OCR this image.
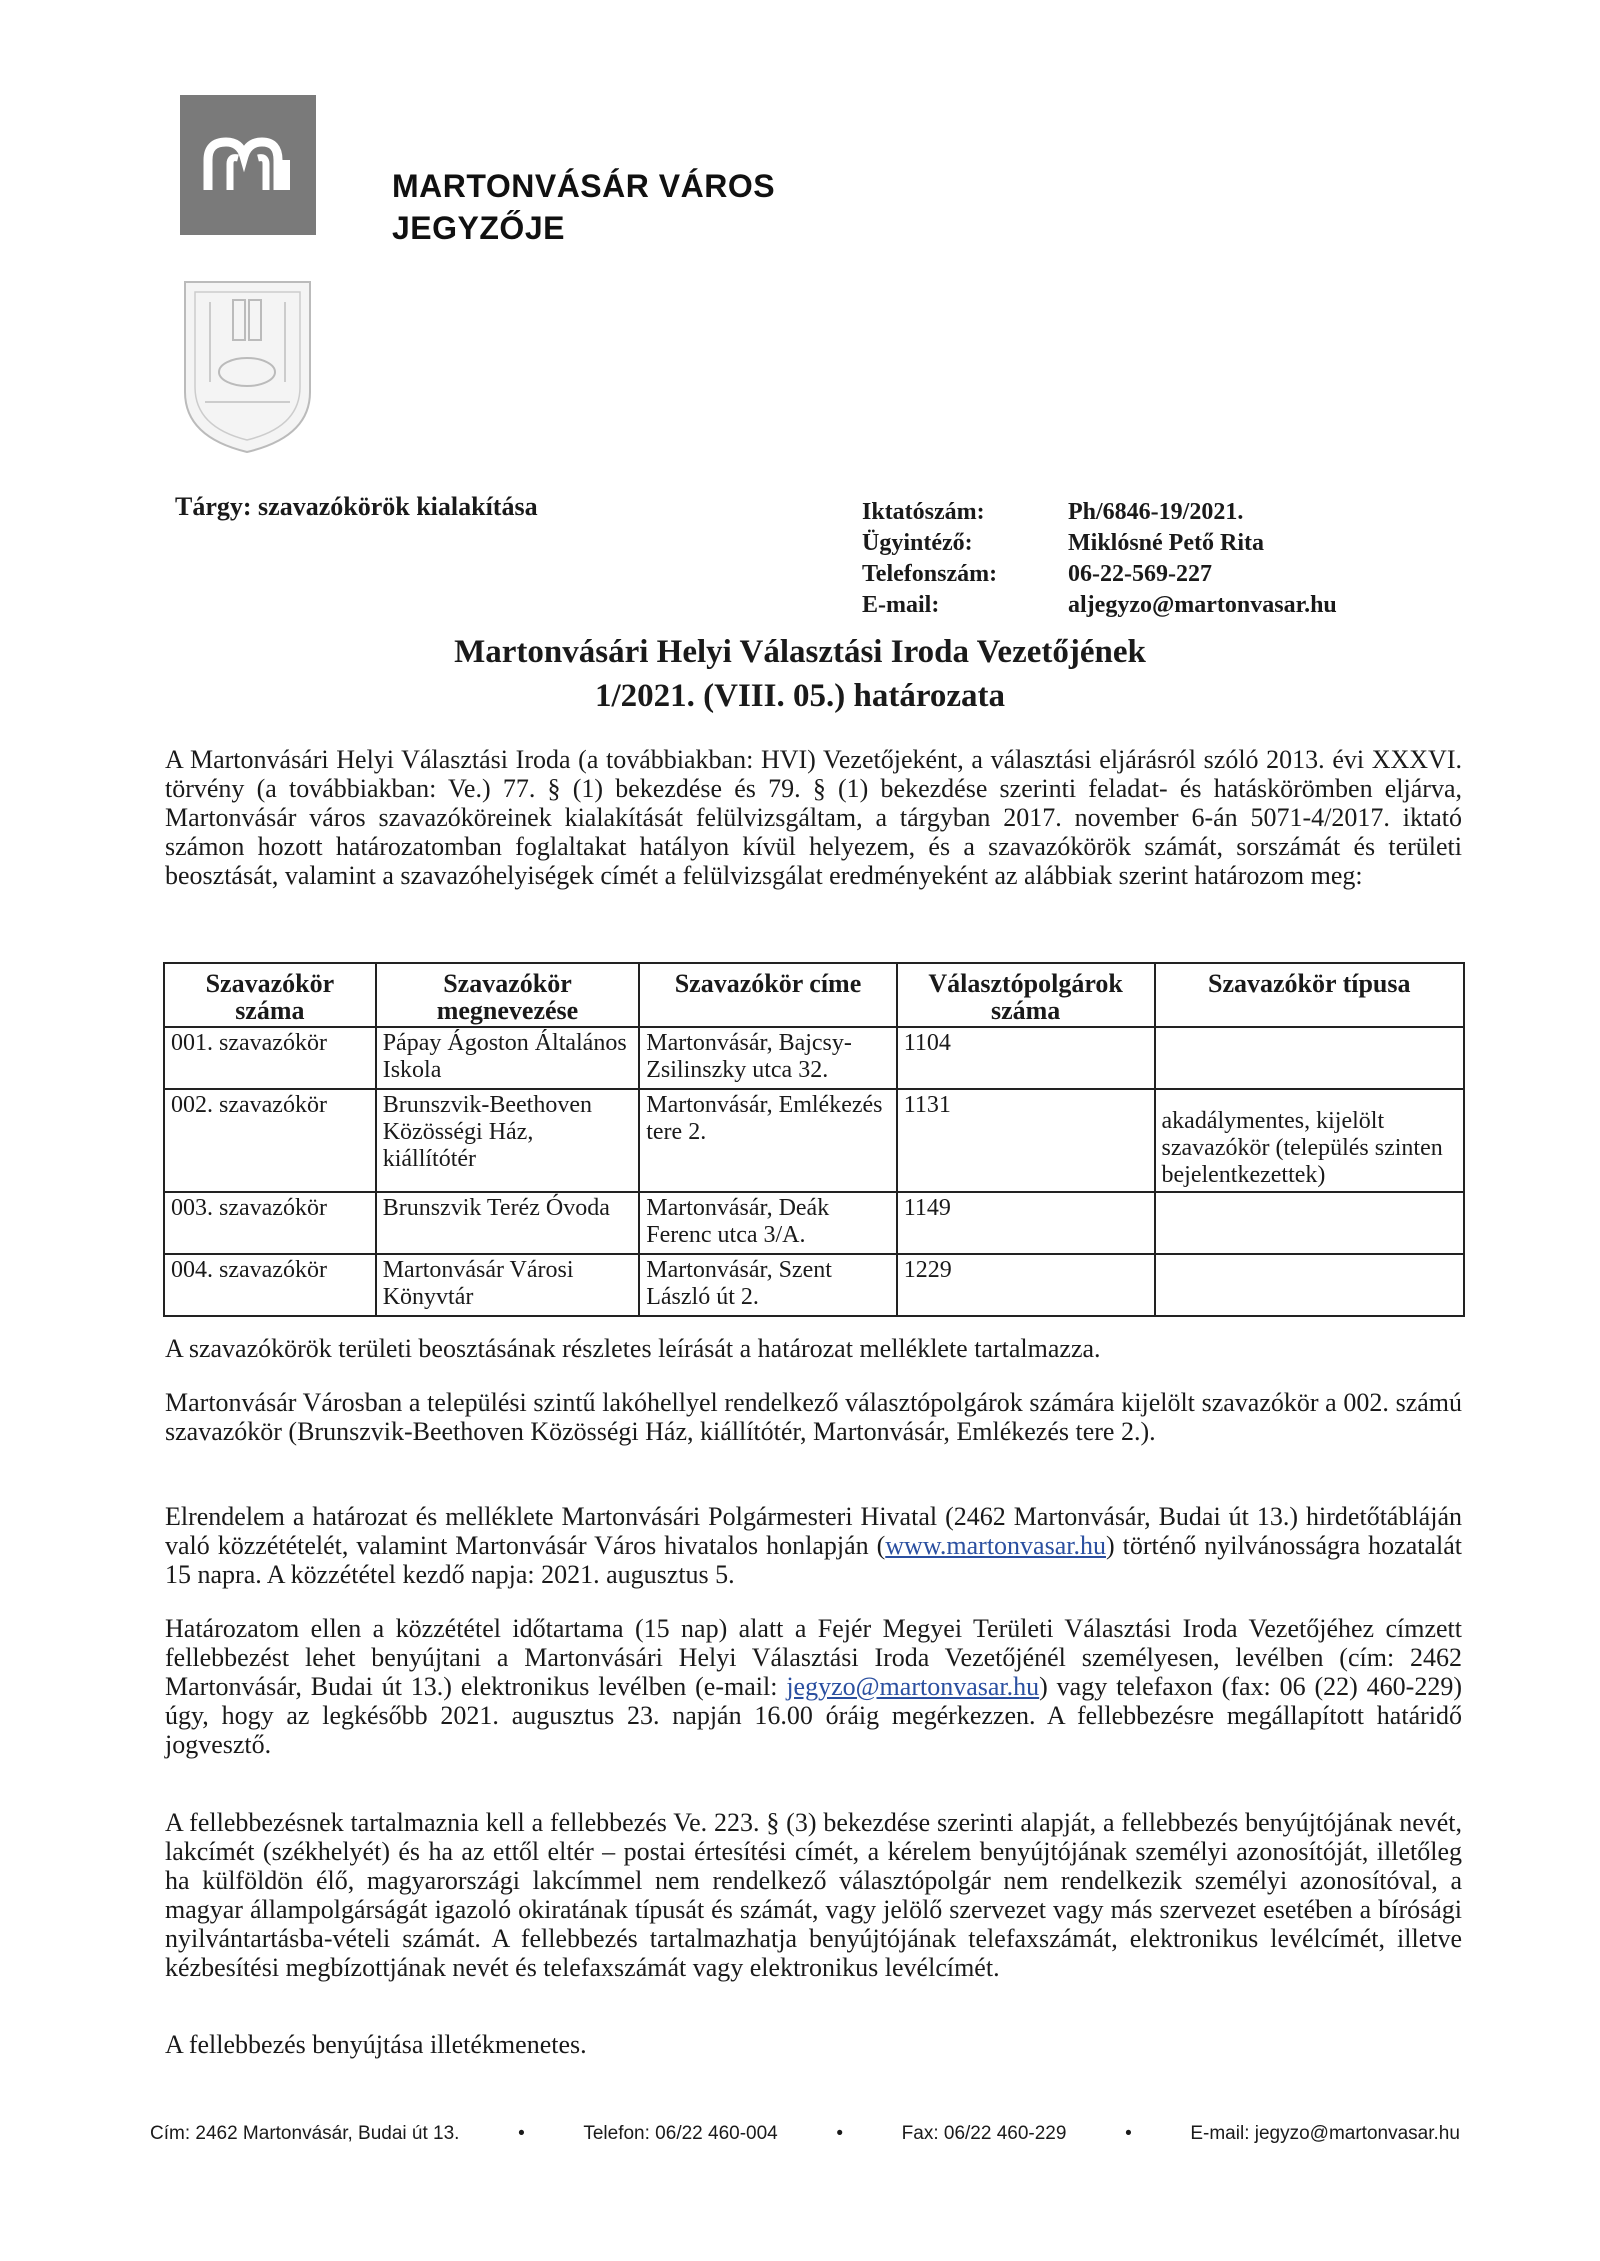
MARTONVÁSÁR VÁROS
JEGYZŐJE
Tárgy: szavazókörök kialakítása	Iktatószám:	Ph/6846-19/2021.
Ügyintéző:	Miklósné Pető Rita
Telefonszám:	06-22-569-227
E-mail:	aljegyzo@martonvasar.hu
Martonvásári Helyi Választási Iroda Vezetőjének
1/2021. (VIII. 05.) határozata
A Martonvásári Helyi Választási Iroda (a továbbiakban: HVI) Vezetőjeként, a választási eljárásról szóló 2013. évi XXXVI. törvény (a továbbiakban: Ve.) 77. § (1) bekezdése és 79. § (1) bekezdése szerinti feladat- és hatáskörömben eljárva, Martonvásár város szavazóköreinek kialakítását felülvizsgáltam, a tárgyban 2017. november 6-án 5071-4/2017. iktató számon hozott határozatomban foglaltakat hatályon kívül helyezem, és a szavazókörök számát, sorszámát és területi beosztását, valamint a szavazóhelyiségek címét a felülvizsgálat eredményeként az alábbiak szerint határozom meg:
Szavazókör száma	Szavazókör megnevezése	Szavazókör címe	Választópolgárok száma	Szavazókör típusa
001. szavazókör	Pápay Ágoston Általános Iskola	Martonvásár, Bajcsy-Zsilinszky utca 32.	1104	
002. szavazókör	Brunszvik-Beethoven Közösségi Ház, kiállítótér	Martonvásár, Emlékezés tere 2.	1131	akadálymentes, kijelölt szavazókör (település szinten bejelentkezettek)
003. szavazókör	Brunszvik Teréz Óvoda	Martonvásár, Deák Ferenc utca 3/A.	1149	
004. szavazókör	Martonvásár Városi Könyvtár	Martonvásár, Szent László út 2.	1229	
A szavazókörök területi beosztásának részletes leírását a határozat melléklete tartalmazza.
Martonvásár Városban a települési szintű lakóhellyel rendelkező választópolgárok számára kijelölt szavazókör a 002. számú szavazókör (Brunszvik-Beethoven Közösségi Ház, kiállítótér, Martonvásár, Emlékezés tere 2.).
Elrendelem a határozat és melléklete Martonvásári Polgármesteri Hivatal (2462 Martonvásár, Budai út 13.) hirdetőtábláján való közzétételét, valamint Martonvásár Város hivatalos honlapján (www.martonvasar.hu) történő nyilvánosságra hozatalát 15 napra. A közzététel kezdő napja: 2021. augusztus 5.
Határozatom ellen a közzététel időtartama (15 nap) alatt a Fejér Megyei Területi Választási Iroda Vezetőjéhez címzett fellebbezést lehet benyújtani a Martonvásári Helyi Választási Iroda Vezetőjénél személyesen, levélben (cím: 2462 Martonvásár, Budai út 13.) elektronikus levélben (e-mail: jegyzo@martonvasar.hu) vagy telefaxon (fax: 06 (22) 460-229) úgy, hogy az legkésőbb 2021. augusztus 23. napján 16.00 óráig megérkezzen. A fellebbezésre megállapított határidő jogvesztő.
A fellebbezésnek tartalmaznia kell a fellebbezés Ve. 223. § (3) bekezdése szerinti alapját, a fellebbezés benyújtójának nevét, lakcímét (székhelyét) és ha az ettől eltér – postai értesítési címét, a kérelem benyújtójának személyi azonosítóját, illetőleg ha külföldön élő, magyarországi lakcímmel nem rendelkező választópolgár nem rendelkezik személyi azonosítóval, a magyar állampolgárságát igazoló okiratának típusát és számát, vagy jelölő szervezet vagy más szervezet esetében a bírósági nyilvántartásba-vételi számát. A fellebbezés tartalmazhatja benyújtójának telefaxszámát, elektronikus levélcímét, illetve kézbesítési megbízottjának nevét és telefaxszámát vagy elektronikus levélcímét.
A fellebbezés benyújtása illetékmenetes.
Cím: 2462 Martonvásár, Budai út 13.	•	Telefon: 06/22 460-004	•	Fax: 06/22 460-229	•	E-mail: jegyzo@martonvasar.hu
